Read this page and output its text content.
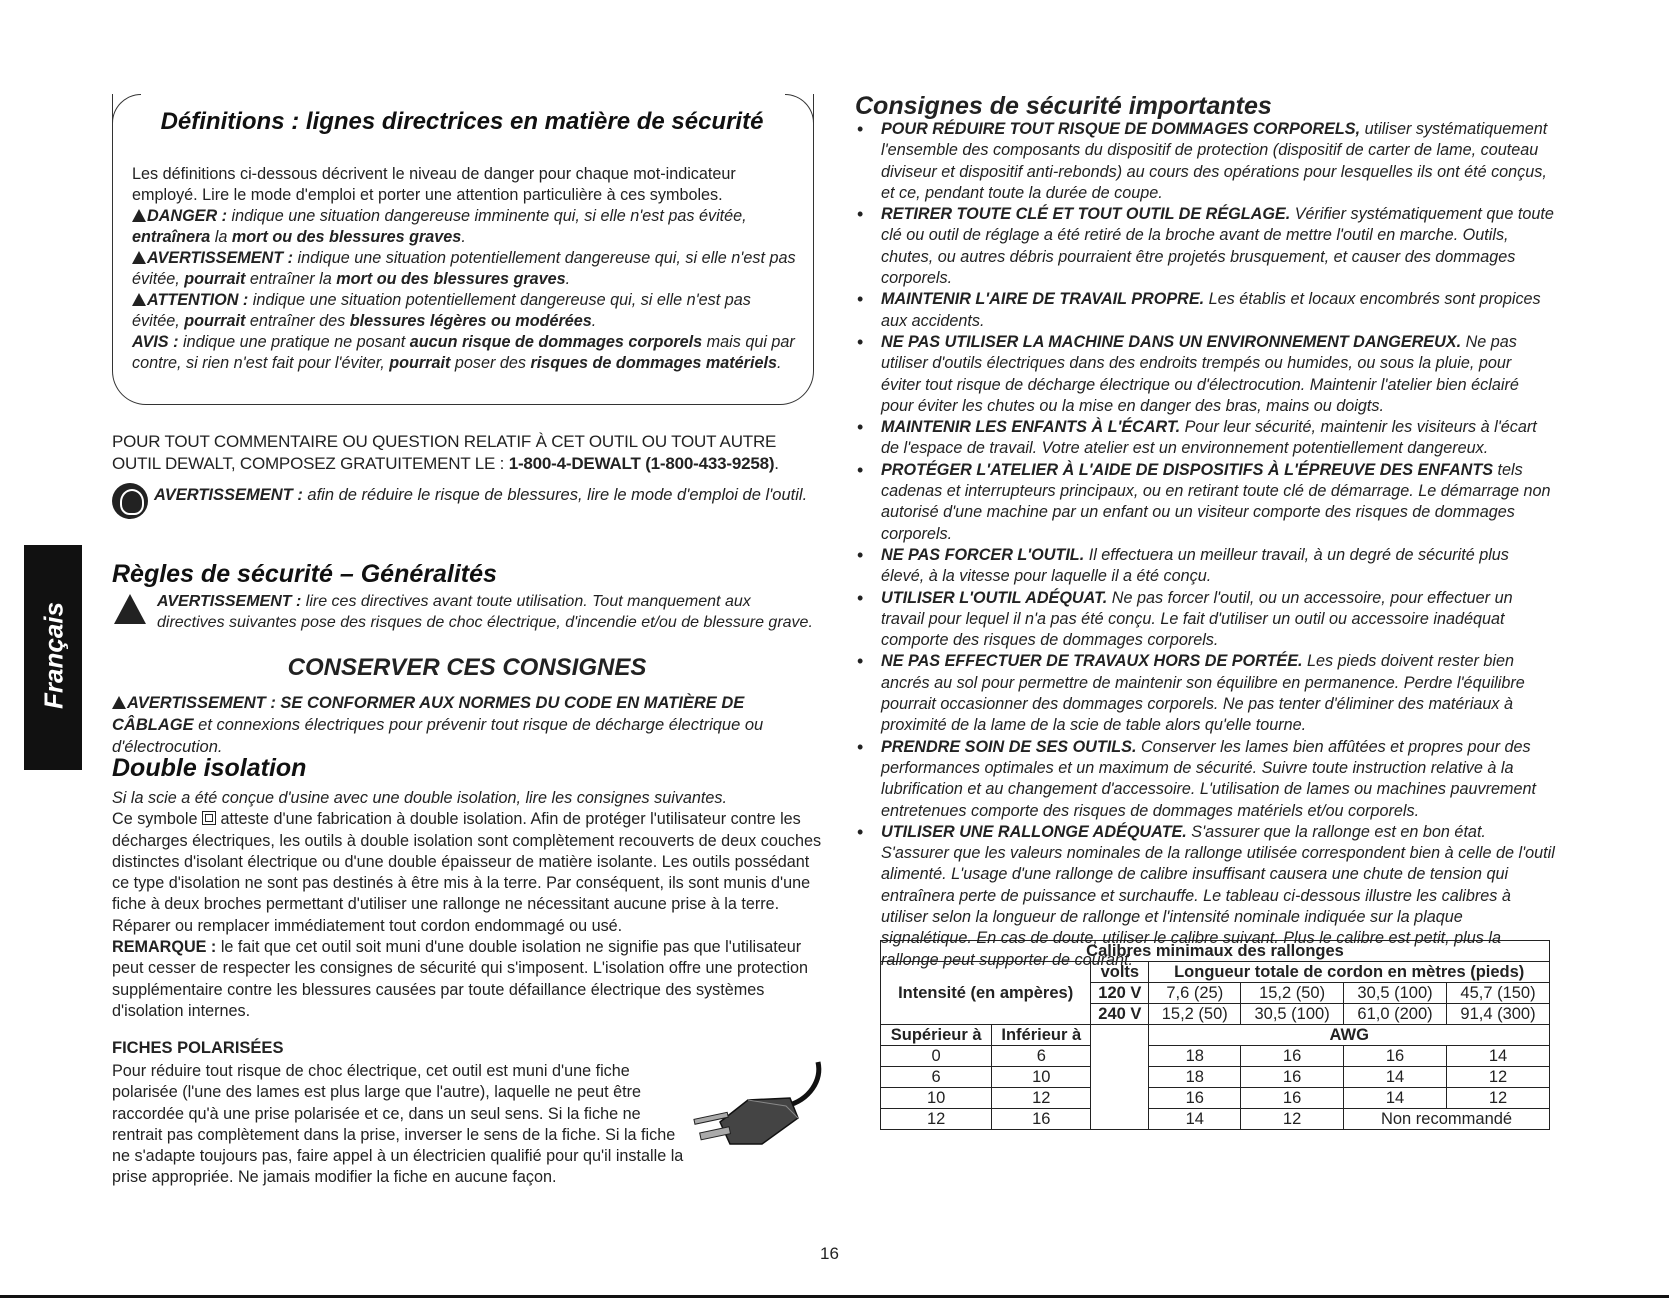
Définitions : lignes directrices en matière de sécurité

Les définitions ci-dessous décrivent le niveau de danger pour chaque mot-indicateur employé. Lire le mode d'emploi et porter une attention particulière à ces symboles.

DANGER : indique une situation dangereuse imminente qui, si elle n'est pas évitée, entraînera la mort ou des blessures graves.

AVERTISSEMENT : indique une situation potentiellement dangereuse qui, si elle n'est pas évitée, pourrait entraîner la mort ou des blessures graves.

ATTENTION : indique une situation potentiellement dangereuse qui, si elle n'est pas évitée, pourrait entraîner des blessures légères ou modérées.

AVIS : indique une pratique ne posant aucun risque de dommages corporels mais qui par contre, si rien n'est fait pour l'éviter, pourrait poser des risques de dommages matériels.

POUR TOUT COMMENTAIRE OU QUESTION RELATIF À CET OUTIL OU TOUT AUTRE OUTIL DEWALT, COMPOSEZ GRATUITEMENT LE : 1-800-4-DEWALT (1-800-433-9258).
AVERTISSEMENT : afin de réduire le risque de blessures, lire le mode d'emploi de l'outil.
Français
Règles de sécurité – Généralités
AVERTISSEMENT : lire ces directives avant toute utilisation. Tout manquement aux directives suivantes pose des risques de choc électrique, d'incendie et/ou de blessure grave.
CONSERVER CES CONSIGNES
AVERTISSEMENT : SE CONFORMER AUX NORMES DU CODE EN MATIÈRE DE CÂBLAGE et connexions électriques pour prévenir tout risque de décharge électrique ou d'électrocution.
Double isolation

Si la scie a été conçue d'usine avec une double isolation, lire les consignes suivantes.

Ce symbole  atteste d'une fabrication à double isolation. Afin de protéger l'utilisateur contre les décharges électriques, les outils à double isolation sont complètement recouverts de deux couches distinctes d'isolant électrique ou d'une double épaisseur de matière isolante. Les outils possédant ce type d'isolation ne sont pas destinés à être mis à la terre. Par conséquent, ils sont munis d'une fiche à deux broches permettant d'utiliser une rallonge ne nécessitant aucune prise à la terre. Réparer ou remplacer immédiatement tout cordon endommagé ou usé.

REMARQUE : le fait que cet outil soit muni d'une double isolation ne signifie pas que l'utilisateur peut cesser de respecter les consignes de sécurité qui s'imposent. L'isolation offre une protection supplémentaire contre les blessures causées par toute défaillance électrique des systèmes d'isolation internes.

FICHES POLARISÉES
Pour réduire tout risque de choc électrique, cet outil est muni d'une fiche polarisée (l'une des lames est plus large que l'autre), laquelle ne peut être raccordée qu'à une prise polarisée et ce, dans un seul sens. Si la fiche ne rentrait pas complètement dans la prise, inverser le sens de la fiche. Si la fiche ne s'adapte toujours pas, faire appel à un électricien qualifié pour qu'il installe la prise appropriée. Ne jamais modifier la fiche en aucune façon.
Consignes de sécurité importantes
• POUR RÉDUIRE TOUT RISQUE DE DOMMAGES CORPORELS, utiliser systématiquement l'ensemble des composants du dispositif de protection (dispositif de carter de lame, couteau diviseur et dispositif anti-rebonds) au cours des opérations pour lesquelles ils ont été conçus, et ce, pendant toute la durée de coupe.
• RETIRER TOUTE CLÉ ET TOUT OUTIL DE RÉGLAGE. Vérifier systématiquement que toute clé ou outil de réglage a été retiré de la broche avant de mettre l'outil en marche. Outils, chutes, ou autres débris pourraient être projetés brusquement, et causer des dommages corporels.
• MAINTENIR L'AIRE DE TRAVAIL PROPRE. Les établis et locaux encombrés sont propices aux accidents.
• NE PAS UTILISER LA MACHINE DANS UN ENVIRONNEMENT DANGEREUX. Ne pas utiliser d'outils électriques dans des endroits trempés ou humides, ou sous la pluie, pour éviter tout risque de décharge électrique ou d'électrocution. Maintenir l'atelier bien éclairé pour éviter les chutes ou la mise en danger des bras, mains ou doigts.
• MAINTENIR LES ENFANTS À L'ÉCART. Pour leur sécurité, maintenir les visiteurs à l'écart de l'espace de travail. Votre atelier est un environnement potentiellement dangereux.
• PROTÉGER L'ATELIER À L'AIDE DE DISPOSITIFS À L'ÉPREUVE DES ENFANTS tels cadenas et interrupteurs principaux, ou en retirant toute clé de démarrage. Le démarrage non autorisé d'une machine par un enfant ou un visiteur comporte des risques de dommages corporels.
• NE PAS FORCER L'OUTIL. Il effectuera un meilleur travail, à un degré de sécurité plus élevé, à la vitesse pour laquelle il a été conçu.
• UTILISER L'OUTIL ADÉQUAT. Ne pas forcer l'outil, ou un accessoire, pour effectuer un travail pour lequel il n'a pas été conçu. Le fait d'utiliser un outil ou accessoire inadéquat comporte des risques de dommages corporels.
• NE PAS EFFECTUER DE TRAVAUX HORS DE PORTÉE. Les pieds doivent rester bien ancrés au sol pour permettre de maintenir son équilibre en permanence. Perdre l'équilibre pourrait occasionner des dommages corporels. Ne pas tenter d'éliminer des matériaux à proximité de la lame de la scie de table alors qu'elle tourne.
• PRENDRE SOIN DE SES OUTILS. Conserver les lames bien affûtées et propres pour des performances optimales et un maximum de sécurité. Suivre toute instruction relative à la lubrification et au changement d'accessoire. L'utilisation de lames ou machines pauvrement entretenues comporte des risques de dommages matériels et/ou corporels.
• UTILISER UNE RALLONGE ADÉQUATE. S'assurer que la rallonge est en bon état. S'assurer que les valeurs nominales de la rallonge utilisée correspondent bien à celle de l'outil alimenté. L'usage d'une rallonge de calibre insuffisant causera une chute de tension qui entraînera perte de puissance et surchauffe. Le tableau ci-dessous illustre les calibres à utiliser selon la longueur de rallonge et l'intensité nominale indiquée sur la plaque signalétique. En cas de doute, utiliser le calibre suivant. Plus le calibre est petit, plus la rallonge peut supporter de courant.
Calibres minimaux des rallonges						
Intensité (en ampères)		volts	Longueur totale de cordon en mètres (pieds)			
		120 V	7,6 (25)	15,2 (50)	30,5 (100)	45,7 (150)
		240 V	15,2 (50)	30,5 (100)	61,0 (200)	91,4 (300)
Supérieur à	Inférieur à		AWG			
0	6		18	16	16	14
6	10		18	16	14	12
10	12		16	16	14	12
12	16		14	12	Non recommandé	
16
